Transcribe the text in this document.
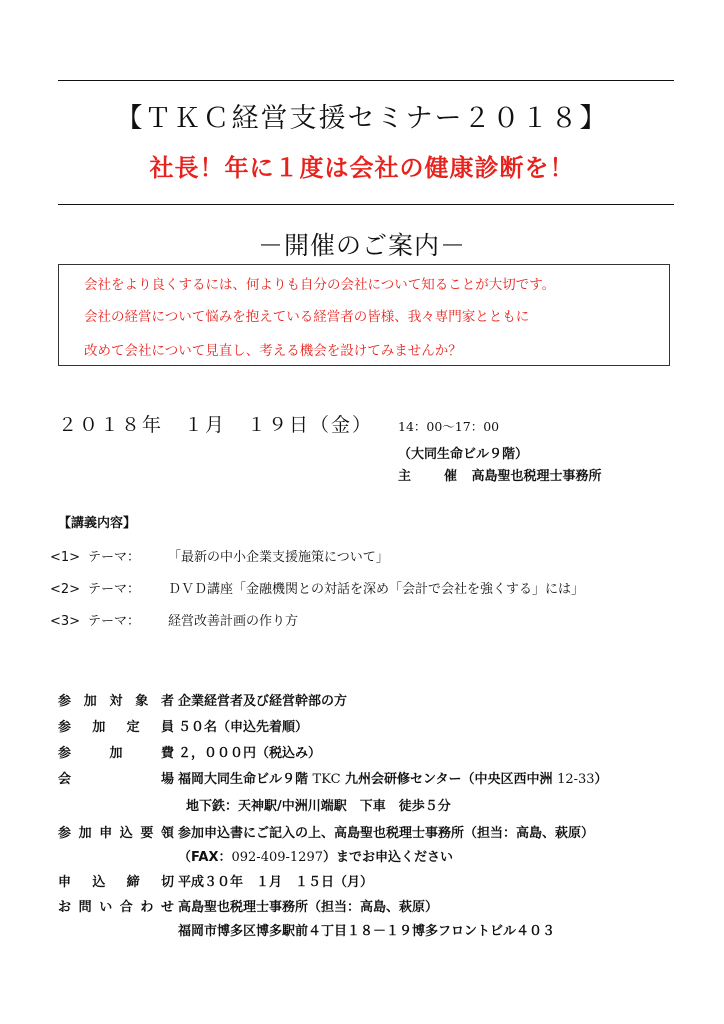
【ＴＫＣ経営支援セミナー２０１８】
社長！年に１度は会社の健康診断を！
－開催のご案内－
会社をより良くするには、何よりも自分の会社について知ることが大切です。
会社の経営について悩みを抱えている経営者の皆様、我々専門家とともに
改めて会社について見直し、考える機会を設けてみませんか？
２０１８年　１月　１９日（金） 14：00～17：00
（大同生命ビル９階）
主　催 高島聖也税理士事務所
【講義内容】
<1> テーマ： 「最新の中小企業支援施策について」
<2> テーマ： ＤＶＤ講座「金融機関との対話を深め「会計で会社を強くする」には」
<3> テーマ： 経営改善計画の作り方
参加対象者 企業経営者及び経営幹部の方
参加定員 ５０名（申込先着順）
参加費 ２，０００円（税込み）
会場 福岡大同生命ビル９階 TKC 九州会研修センター（中央区西中洲 12-33）
地下鉄：天神駅/中洲川端駅　下車　徒歩５分
参加申込要領 参加申込書にご記入の上、高島聖也税理士事務所（担当：高島、萩原）
（FAX：092-409-1297）までお申込ください
申込締切 平成３０年　１月　１５日（月）
お問い合わせ 高島聖也税理士事務所（担当：高島、萩原）
福岡市博多区博多駅前４丁目１８－１９博多フロントビル４０３
